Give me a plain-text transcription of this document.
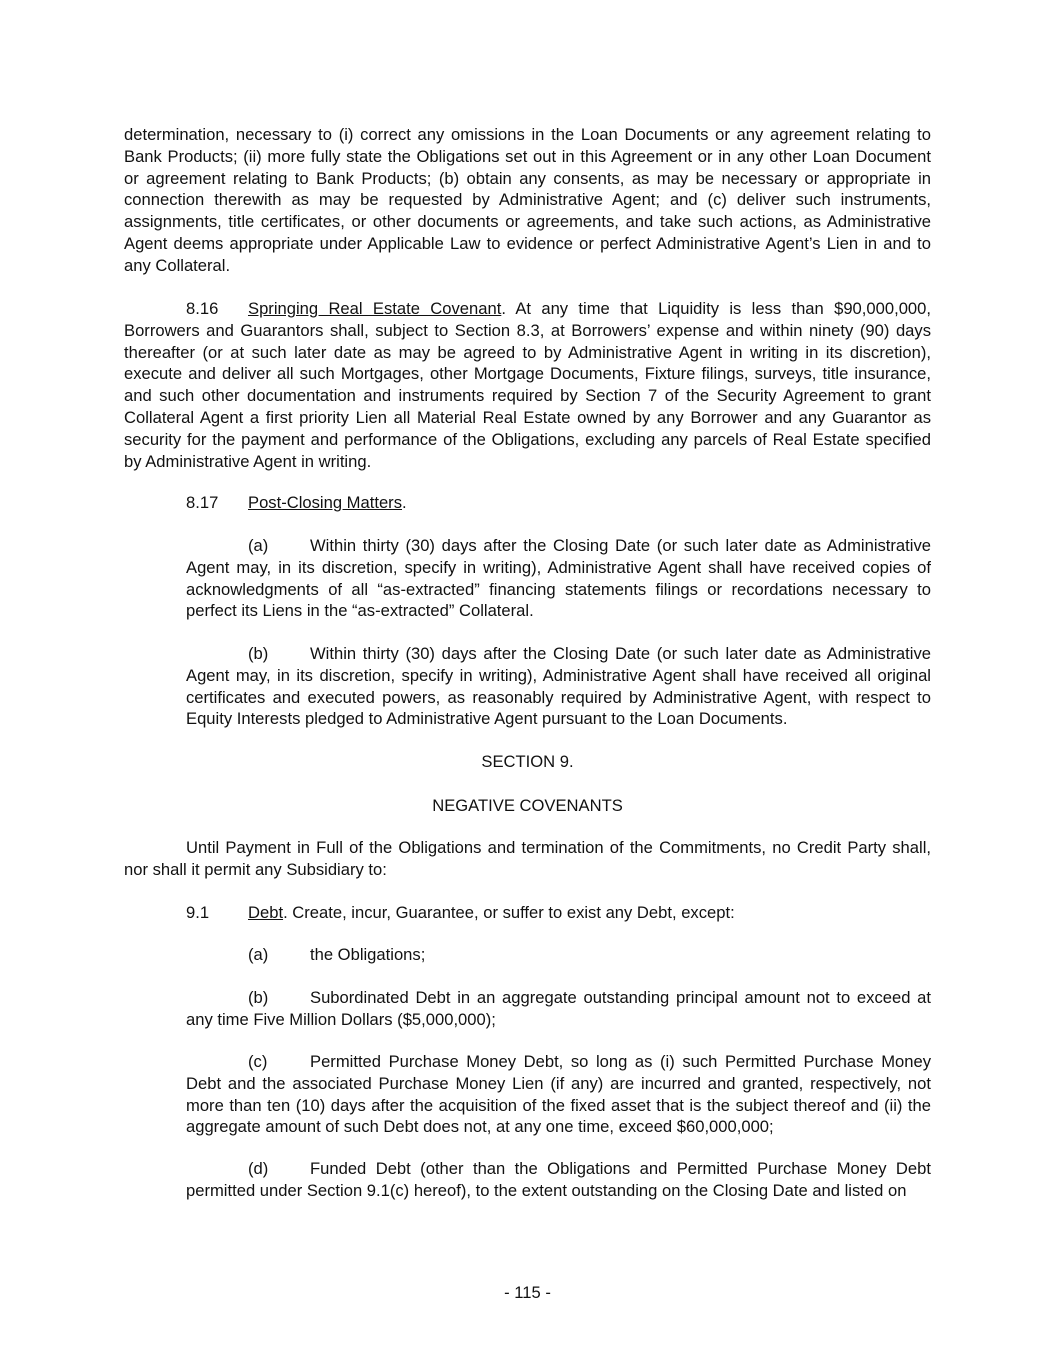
determination, necessary to (i) correct any omissions in the Loan Documents or any agreement relating to Bank Products; (ii) more fully state the Obligations set out in this Agreement or in any other Loan Document or agreement relating to Bank Products; (b) obtain any consents, as may be necessary or appropriate in connection therewith as may be requested by Administrative Agent; and (c) deliver such instruments, assignments, title certificates, or other documents or agreements, and take such actions, as Administrative Agent deems appropriate under Applicable Law to evidence or perfect Administrative Agent’s Lien in and to any Collateral.

8.16 Springing Real Estate Covenant. At any time that Liquidity is less than $90,000,000, Borrowers and Guarantors shall, subject to Section 8.3, at Borrowers’ expense and within ninety (90) days thereafter (or at such later date as may be agreed to by Administrative Agent in writing in its discretion), execute and deliver all such Mortgages, other Mortgage Documents, Fixture filings, surveys, title insurance, and such other documentation and instruments required by Section 7 of the Security Agreement to grant Collateral Agent a first priority Lien all Material Real Estate owned by any Borrower and any Guarantor as security for the payment and performance of the Obligations, excluding any parcels of Real Estate specified by Administrative Agent in writing.

8.17 Post-Closing Matters.

(a)	Within thirty (30) days after the Closing Date (or such later date as Administrative Agent may, in its discretion, specify in writing), Administrative Agent shall have received copies of acknowledgments of all “as-extracted” financing statements filings or recordations necessary to perfect its Liens in the “as-extracted” Collateral.

(b)	Within thirty (30) days after the Closing Date (or such later date as Administrative Agent may, in its discretion, specify in writing), Administrative Agent shall have received all original certificates and executed powers, as reasonably required by Administrative Agent, with respect to Equity Interests pledged to Administrative Agent pursuant to the Loan Documents.

SECTION 9.
NEGATIVE COVENANTS

Until Payment in Full of the Obligations and termination of the Commitments, no Credit Party shall, nor shall it permit any Subsidiary to:

9.1 Debt. Create, incur, Guarantee, or suffer to exist any Debt, except:

(a)	the Obligations;

(b)	Subordinated Debt in an aggregate outstanding principal amount not to exceed at any time Five Million Dollars ($5,000,000);

(c)	Permitted Purchase Money Debt, so long as (i) such Permitted Purchase Money Debt and the associated Purchase Money Lien (if any) are incurred and granted, respectively, not more than ten (10) days after the acquisition of the fixed asset that is the subject thereof and (ii) the aggregate amount of such Debt does not, at any one time, exceed $60,000,000;

(d)	Funded Debt (other than the Obligations and Permitted Purchase Money Debt permitted under Section 9.1(c) hereof), to the extent outstanding on the Closing Date and listed on

- 115 -
